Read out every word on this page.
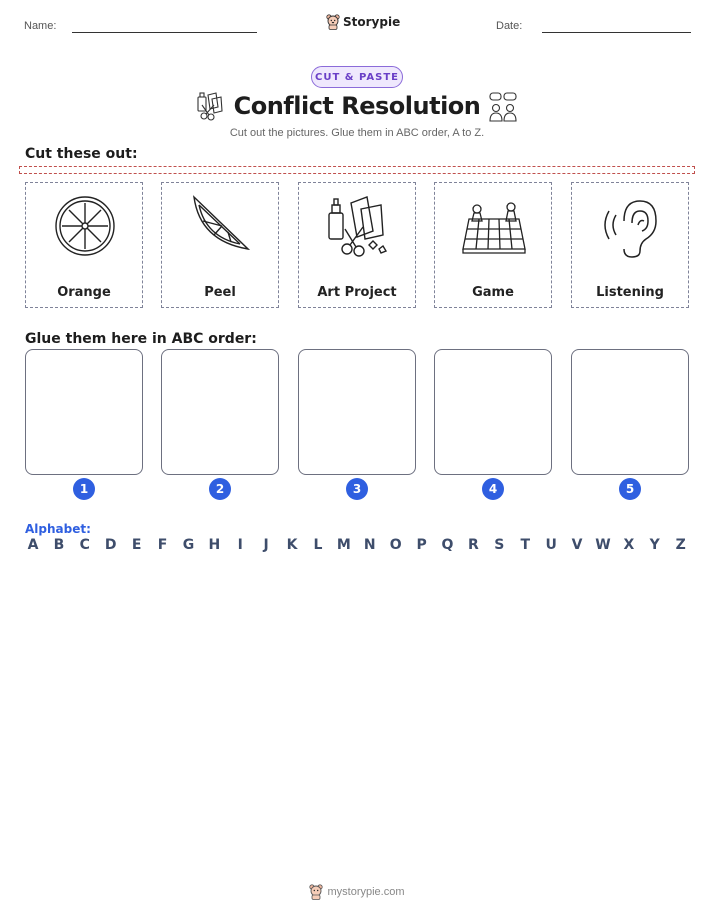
Name:	Storypie	Date:
CUT & PASTE
Conflict Resolution
Cut out the pictures. Glue them in ABC order, A to Z.
Cut these out:
Orange	Peel	Art Project	Game	Listening
Glue them here in ABC order:
1	2	3	4	5
Alphabet:
A B C D E F G H	I	J	K L M N O P Q R S T U V W X Y Z
mystorypie.com
